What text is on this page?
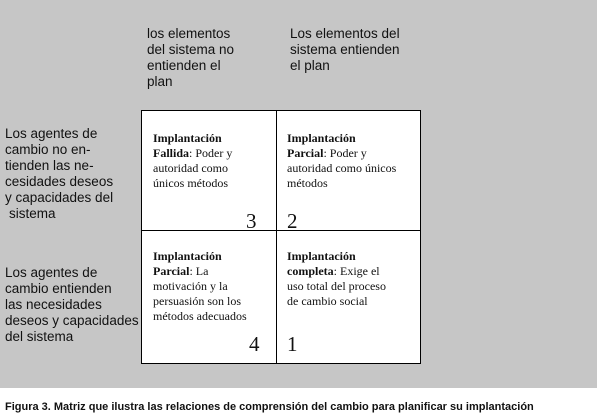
los elementos
del sistema no
entienden el
plan
Los elementos del
sistema entienden
el plan
Los agentes de
cambio no en-
tienden las ne-
cesidades deseos
y capacidades del
sistema
Los agentes de
cambio entienden
las necesidades
deseos y capacidades
del sistema
Implantación
Fallida: Poder y
autoridad como
únicos métodos
3
Implantación
Parcial: Poder y
autoridad como únicos
métodos
2
Implantación
Parcial: La
motivación y la
persuasión son los
métodos adecuados
4
Implantación
completa: Exige el
uso total del proceso
de cambio social
1
Figura 3. Matriz que ilustra las relaciones de comprensión del cambio para planificar su implantación
